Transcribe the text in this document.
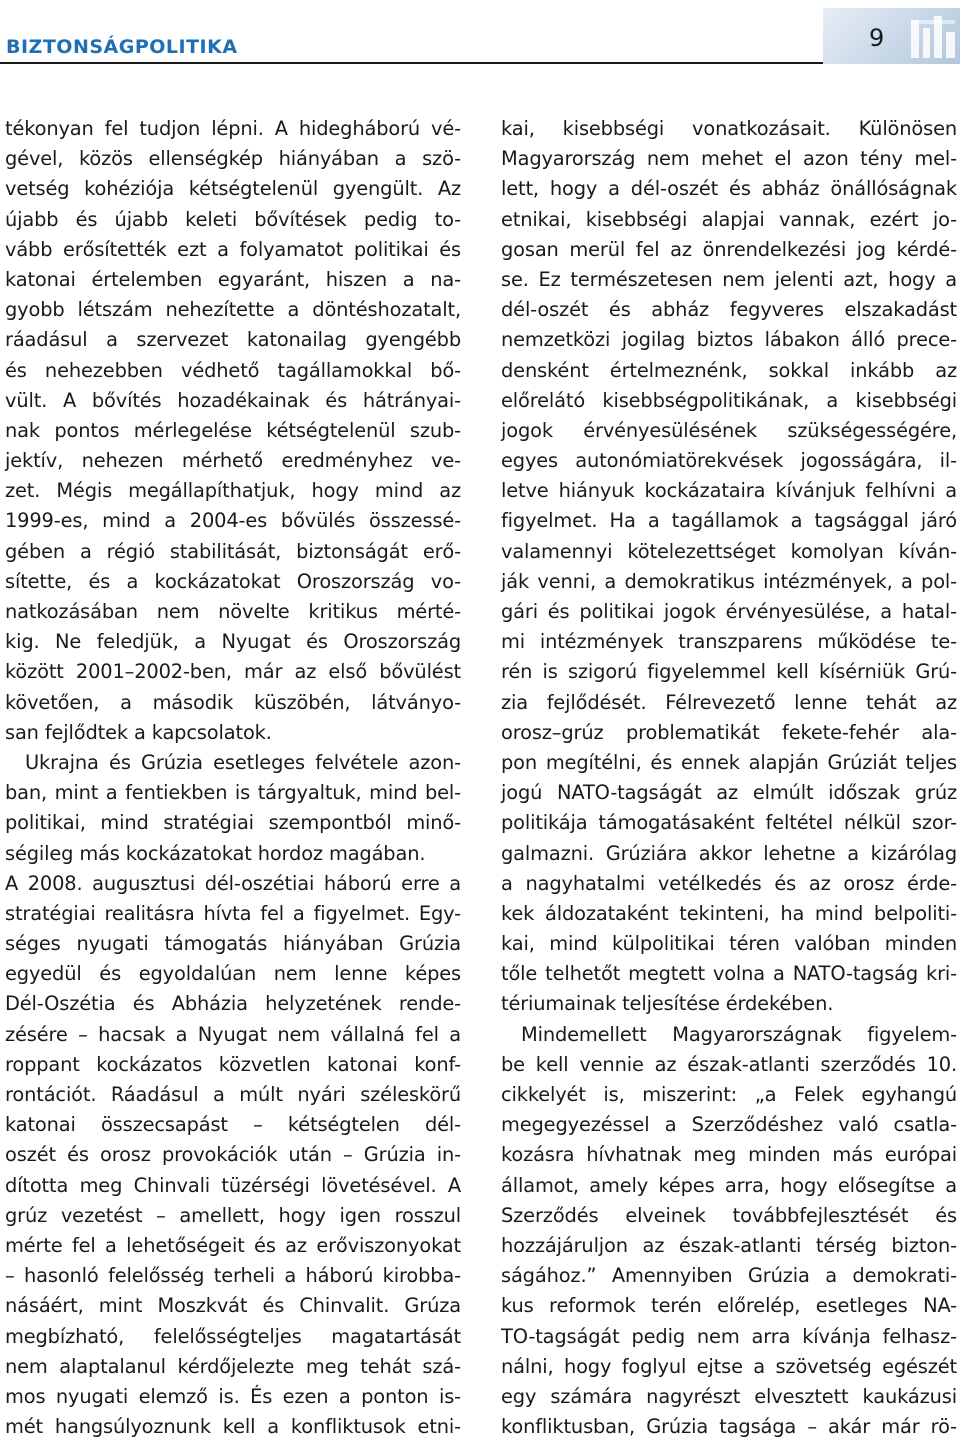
BIZTONSÁGPOLITIKA	9
tékonyan fel tudjon lépni. A hidegháború vé-
gével, közös ellenségkép hiányában a szö-
vetség kohéziója kétségtelenül gyengült. Az
újabb és újabb keleti bővítések pedig to-
vább erősítették ezt a folyamatot politikai és
katonai értelemben egyaránt, hiszen a na-
gyobb létszám nehezítette a döntéshozatalt,
ráadásul a szervezet katonailag gyengébb
és nehezebben védhető tagállamokkal bő-
vült. A bővítés hozadékainak és hátrányai-
nak pontos mérlegelése kétségtelenül szub-
jektív, nehezen mérhető eredményhez ve-
zet. Mégis megállapíthatjuk, hogy mind az
1999-es, mind a 2004-es bővülés összessé-
gében a régió stabilitását, biztonságát erő-
sítette, és a kockázatokat Oroszország vo-
natkozásában nem növelte kritikus mérté-
kig. Ne feledjük, a Nyugat és Oroszország
között 2001–2002-ben, már az első bővülést
követően, a második küszöbén, látványo-
san fejlődtek a kapcsolatok.
Ukrajna és Grúzia esetleges felvétele azon-
ban, mint a fentiekben is tárgyaltuk, mind bel-
politikai, mind stratégiai szempontból minő-
ségileg más kockázatokat hordoz magában.
A 2008. augusztusi dél-oszétiai háború erre a
stratégiai realitásra hívta fel a figyelmet. Egy-
séges nyugati támogatás hiányában Grúzia
egyedül és egyoldalúan nem lenne képes
Dél-Oszétia és Abházia helyzetének rende-
zésére – hacsak a Nyugat nem vállalná fel a
roppant kockázatos közvetlen katonai konf-
rontációt. Ráadásul a múlt nyári széleskörű
katonai összecsapást – kétségtelen dél-
oszét és orosz provokációk után – Grúzia in-
dította meg Chinvali tüzérségi lövetésével. A
grúz vezetést – amellett, hogy igen rosszul
mérte fel a lehetőségeit és az erőviszonyokat
– hasonló felelősség terheli a háború kirobba-
násáért, mint Moszkvát és Chinvalit. Grúza
megbízható, felelősségteljes magatartását
nem alaptalanul kérdőjelezte meg tehát szá-
mos nyugati elemző is. És ezen a ponton is-
mét hangsúlyoznunk kell a konfliktusok etni-
kai, kisebbségi vonatkozásait. Különösen
Magyarország nem mehet el azon tény mel-
lett, hogy a dél-oszét és abház önállóságnak
etnikai, kisebbségi alapjai vannak, ezért jo-
gosan merül fel az önrendelkezési jog kérdé-
se. Ez természetesen nem jelenti azt, hogy a
dél-oszét és abház fegyveres elszakadást
nemzetközi jogilag biztos lábakon álló prece-
densként értelmeznénk, sokkal inkább az
előrelátó kisebbségpolitikának, a kisebbségi
jogok érvényesülésének szükségességére,
egyes autonómiatörekvések jogosságára, il-
letve hiányuk kockázataira kívánjuk felhívni a
figyelmet. Ha a tagállamok a tagsággal járó
valamennyi kötelezettséget komolyan kíván-
ják venni, a demokratikus intézmények, a pol-
gári és politikai jogok érvényesülése, a hatal-
mi intézmények transzparens működése te-
rén is szigorú figyelemmel kell kísérniük Grú-
zia fejlődését. Félrevezető lenne tehát az
orosz–grúz problematikát fekete-fehér ala-
pon megítélni, és ennek alapján Grúziát teljes
jogú NATO-tagságát az elmúlt időszak grúz
politikája támogatásaként feltétel nélkül szor-
galmazni. Grúziára akkor lehetne a kizárólag
a nagyhatalmi vetélkedés és az orosz érde-
kek áldozataként tekinteni, ha mind belpoliti-
kai, mind külpolitikai téren valóban minden
tőle telhetőt megtett volna a NATO-tagság kri-
tériumainak teljesítése érdekében.
Mindemellett Magyarországnak figyelem-
be kell vennie az észak-atlanti szerződés 10.
cikkelyét is, miszerint: „a Felek egyhangú
megegyezéssel a Szerződéshez való csatla-
kozásra hívhatnak meg minden más európai
államot, amely képes arra, hogy elősegítse a
Szerződés elveinek továbbfejlesztését és
hozzájáruljon az észak-atlanti térség bizton-
ságához.” Amennyiben Grúzia a demokrati-
kus reformok terén előrelép, esetleges NA-
TO-tagságát pedig nem arra kívánja felhasz-
nálni, hogy foglyul ejtse a szövetség egészét
egy számára nagyrészt elvesztett kaukázusi
konfliktusban, Grúzia tagsága – akár már rö-
